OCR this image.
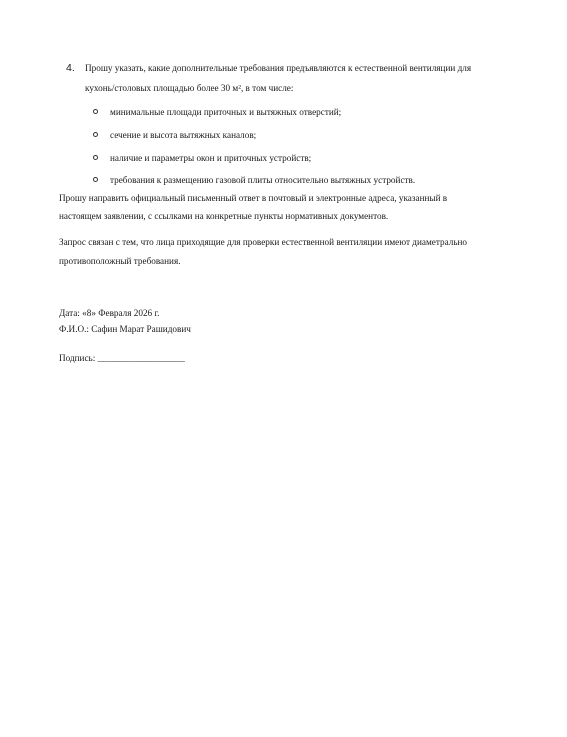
4. Прошу указать, какие дополнительные требования предъявляются к естественной вентиляции для
кухонь/столовых площадью более 30 м², в том числе:
минимальные площади приточных и вытяжных отверстий;
сечение и высота вытяжных каналов;
наличие и параметры окон и приточных устройств;
требования к размещению газовой плиты относительно вытяжных устройств.
Прошу направить официальный письменный ответ в почтовый и электронные адреса, указанный в
настоящем заявлении, с ссылками на конкретные пункты нормативных документов.
Запрос связан с тем, что лица приходящие для проверки естественной вентиляции имеют диаметрально
противоположный требования.
Дата: «8» Февраля 2026 г.
Ф.И.О.: Сафин Марат Рашидович
Подпись: ___________________
